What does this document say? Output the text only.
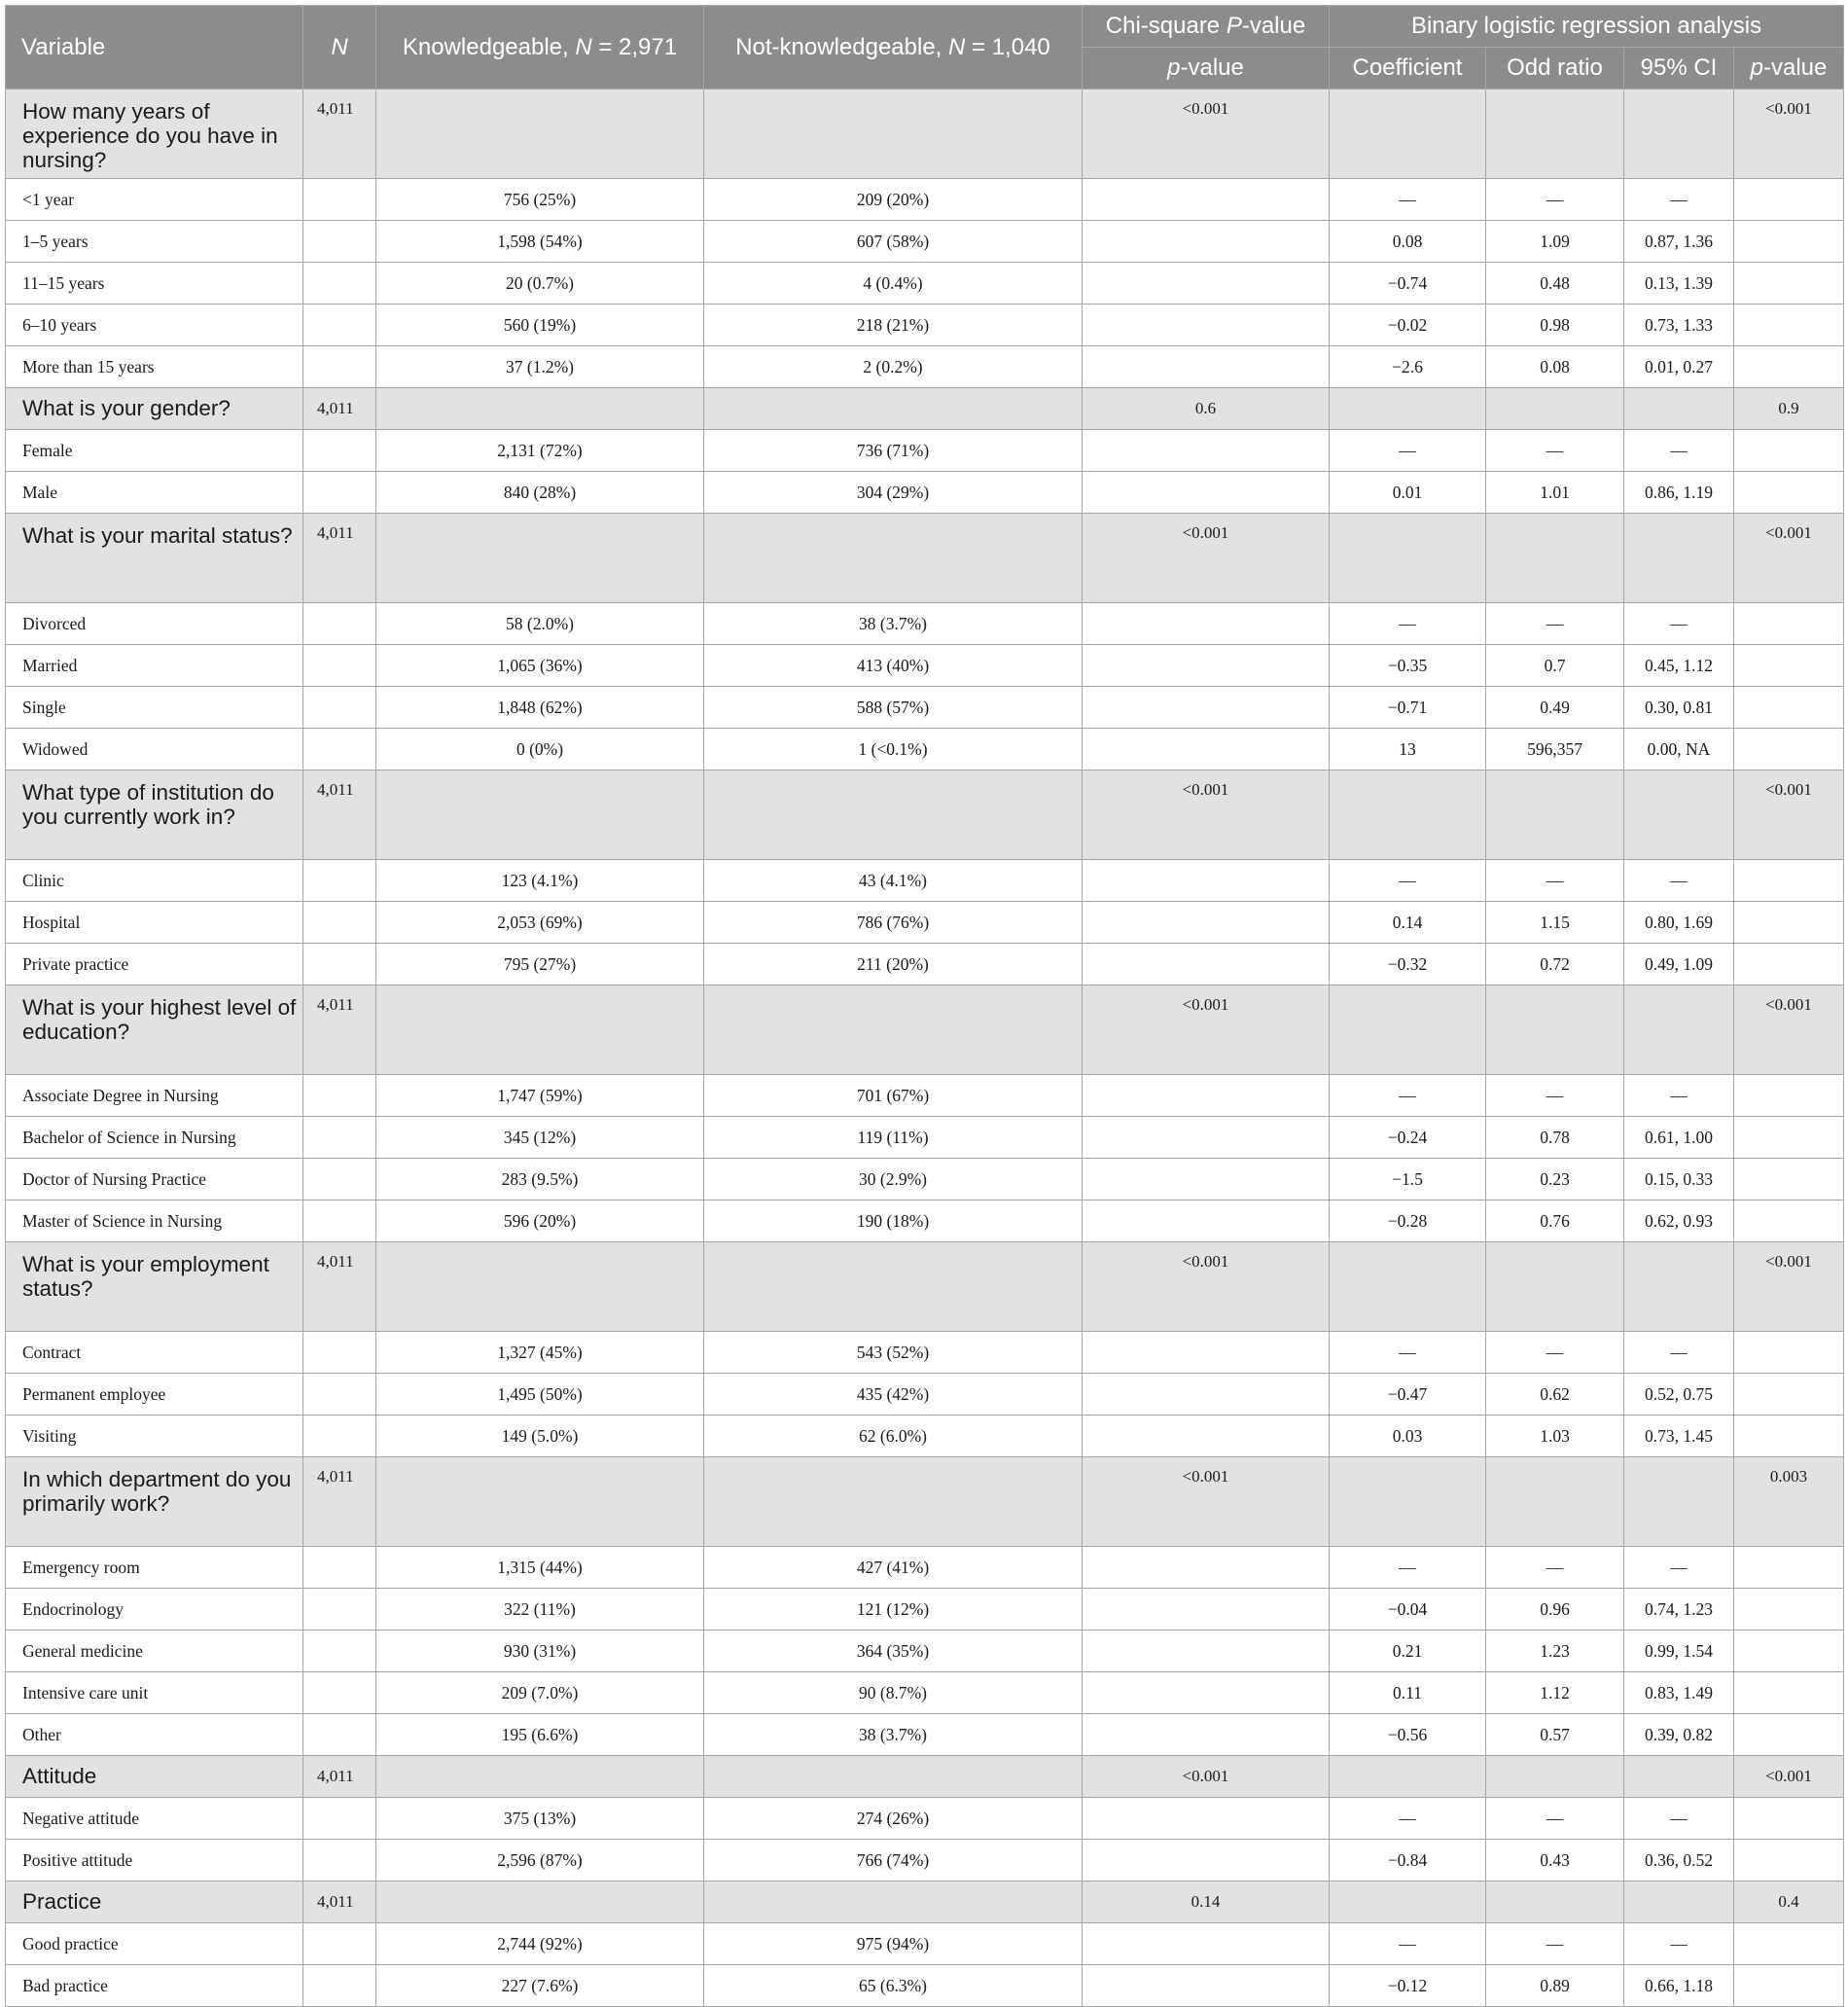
Variable	N	Knowledgeable, N = 2,971	Not-knowledgeable, N = 1,040	Chi-square P-value	Binary logistic regression analysis			
				p-value	Coefficient	Odd ratio	95% CI	p-value
How many years of experience do you have in nursing?	4,011			<0.001				<0.001
<1 year		756 (25%)	209 (20%)		—	—	—	
1–5 years		1,598 (54%)	607 (58%)		0.08	1.09	0.87, 1.36	
11–15 years		20 (0.7%)	4 (0.4%)		−0.74	0.48	0.13, 1.39	
6–10 years		560 (19%)	218 (21%)		−0.02	0.98	0.73, 1.33	
More than 15 years		37 (1.2%)	2 (0.2%)		−2.6	0.08	0.01, 0.27	
What is your gender?	4,011			0.6				0.9
Female		2,131 (72%)	736 (71%)		—	—	—	
Male		840 (28%)	304 (29%)		0.01	1.01	0.86, 1.19	
What is your marital status?	4,011			<0.001				<0.001
Divorced		58 (2.0%)	38 (3.7%)		—	—	—	
Married		1,065 (36%)	413 (40%)		−0.35	0.7	0.45, 1.12	
Single		1,848 (62%)	588 (57%)		−0.71	0.49	0.30, 0.81	
Widowed		0 (0%)	1 (<0.1%)		13	596,357	0.00, NA	
What type of institution do you currently work in?	4,011			<0.001				<0.001
Clinic		123 (4.1%)	43 (4.1%)		—	—	—	
Hospital		2,053 (69%)	786 (76%)		0.14	1.15	0.80, 1.69	
Private practice		795 (27%)	211 (20%)		−0.32	0.72	0.49, 1.09	
What is your highest level of education?	4,011			<0.001				<0.001
Associate Degree in Nursing		1,747 (59%)	701 (67%)		—	—	—	
Bachelor of Science in Nursing		345 (12%)	119 (11%)		−0.24	0.78	0.61, 1.00	
Doctor of Nursing Practice		283 (9.5%)	30 (2.9%)		−1.5	0.23	0.15, 0.33	
Master of Science in Nursing		596 (20%)	190 (18%)		−0.28	0.76	0.62, 0.93	
What is your employment status?	4,011			<0.001				<0.001
Contract		1,327 (45%)	543 (52%)		—	—	—	
Permanent employee		1,495 (50%)	435 (42%)		−0.47	0.62	0.52, 0.75	
Visiting		149 (5.0%)	62 (6.0%)		0.03	1.03	0.73, 1.45	
In which department do you primarily work?	4,011			<0.001				0.003
Emergency room		1,315 (44%)	427 (41%)		—	—	—	
Endocrinology		322 (11%)	121 (12%)		−0.04	0.96	0.74, 1.23	
General medicine		930 (31%)	364 (35%)		0.21	1.23	0.99, 1.54	
Intensive care unit		209 (7.0%)	90 (8.7%)		0.11	1.12	0.83, 1.49	
Other		195 (6.6%)	38 (3.7%)		−0.56	0.57	0.39, 0.82	
Attitude	4,011			<0.001				<0.001
Negative attitude		375 (13%)	274 (26%)		—	—	—	
Positive attitude		2,596 (87%)	766 (74%)		−0.84	0.43	0.36, 0.52	
Practice	4,011			0.14				0.4
Good practice		2,744 (92%)	975 (94%)		—	—	—	
Bad practice		227 (7.6%)	65 (6.3%)		−0.12	0.89	0.66, 1.18	
